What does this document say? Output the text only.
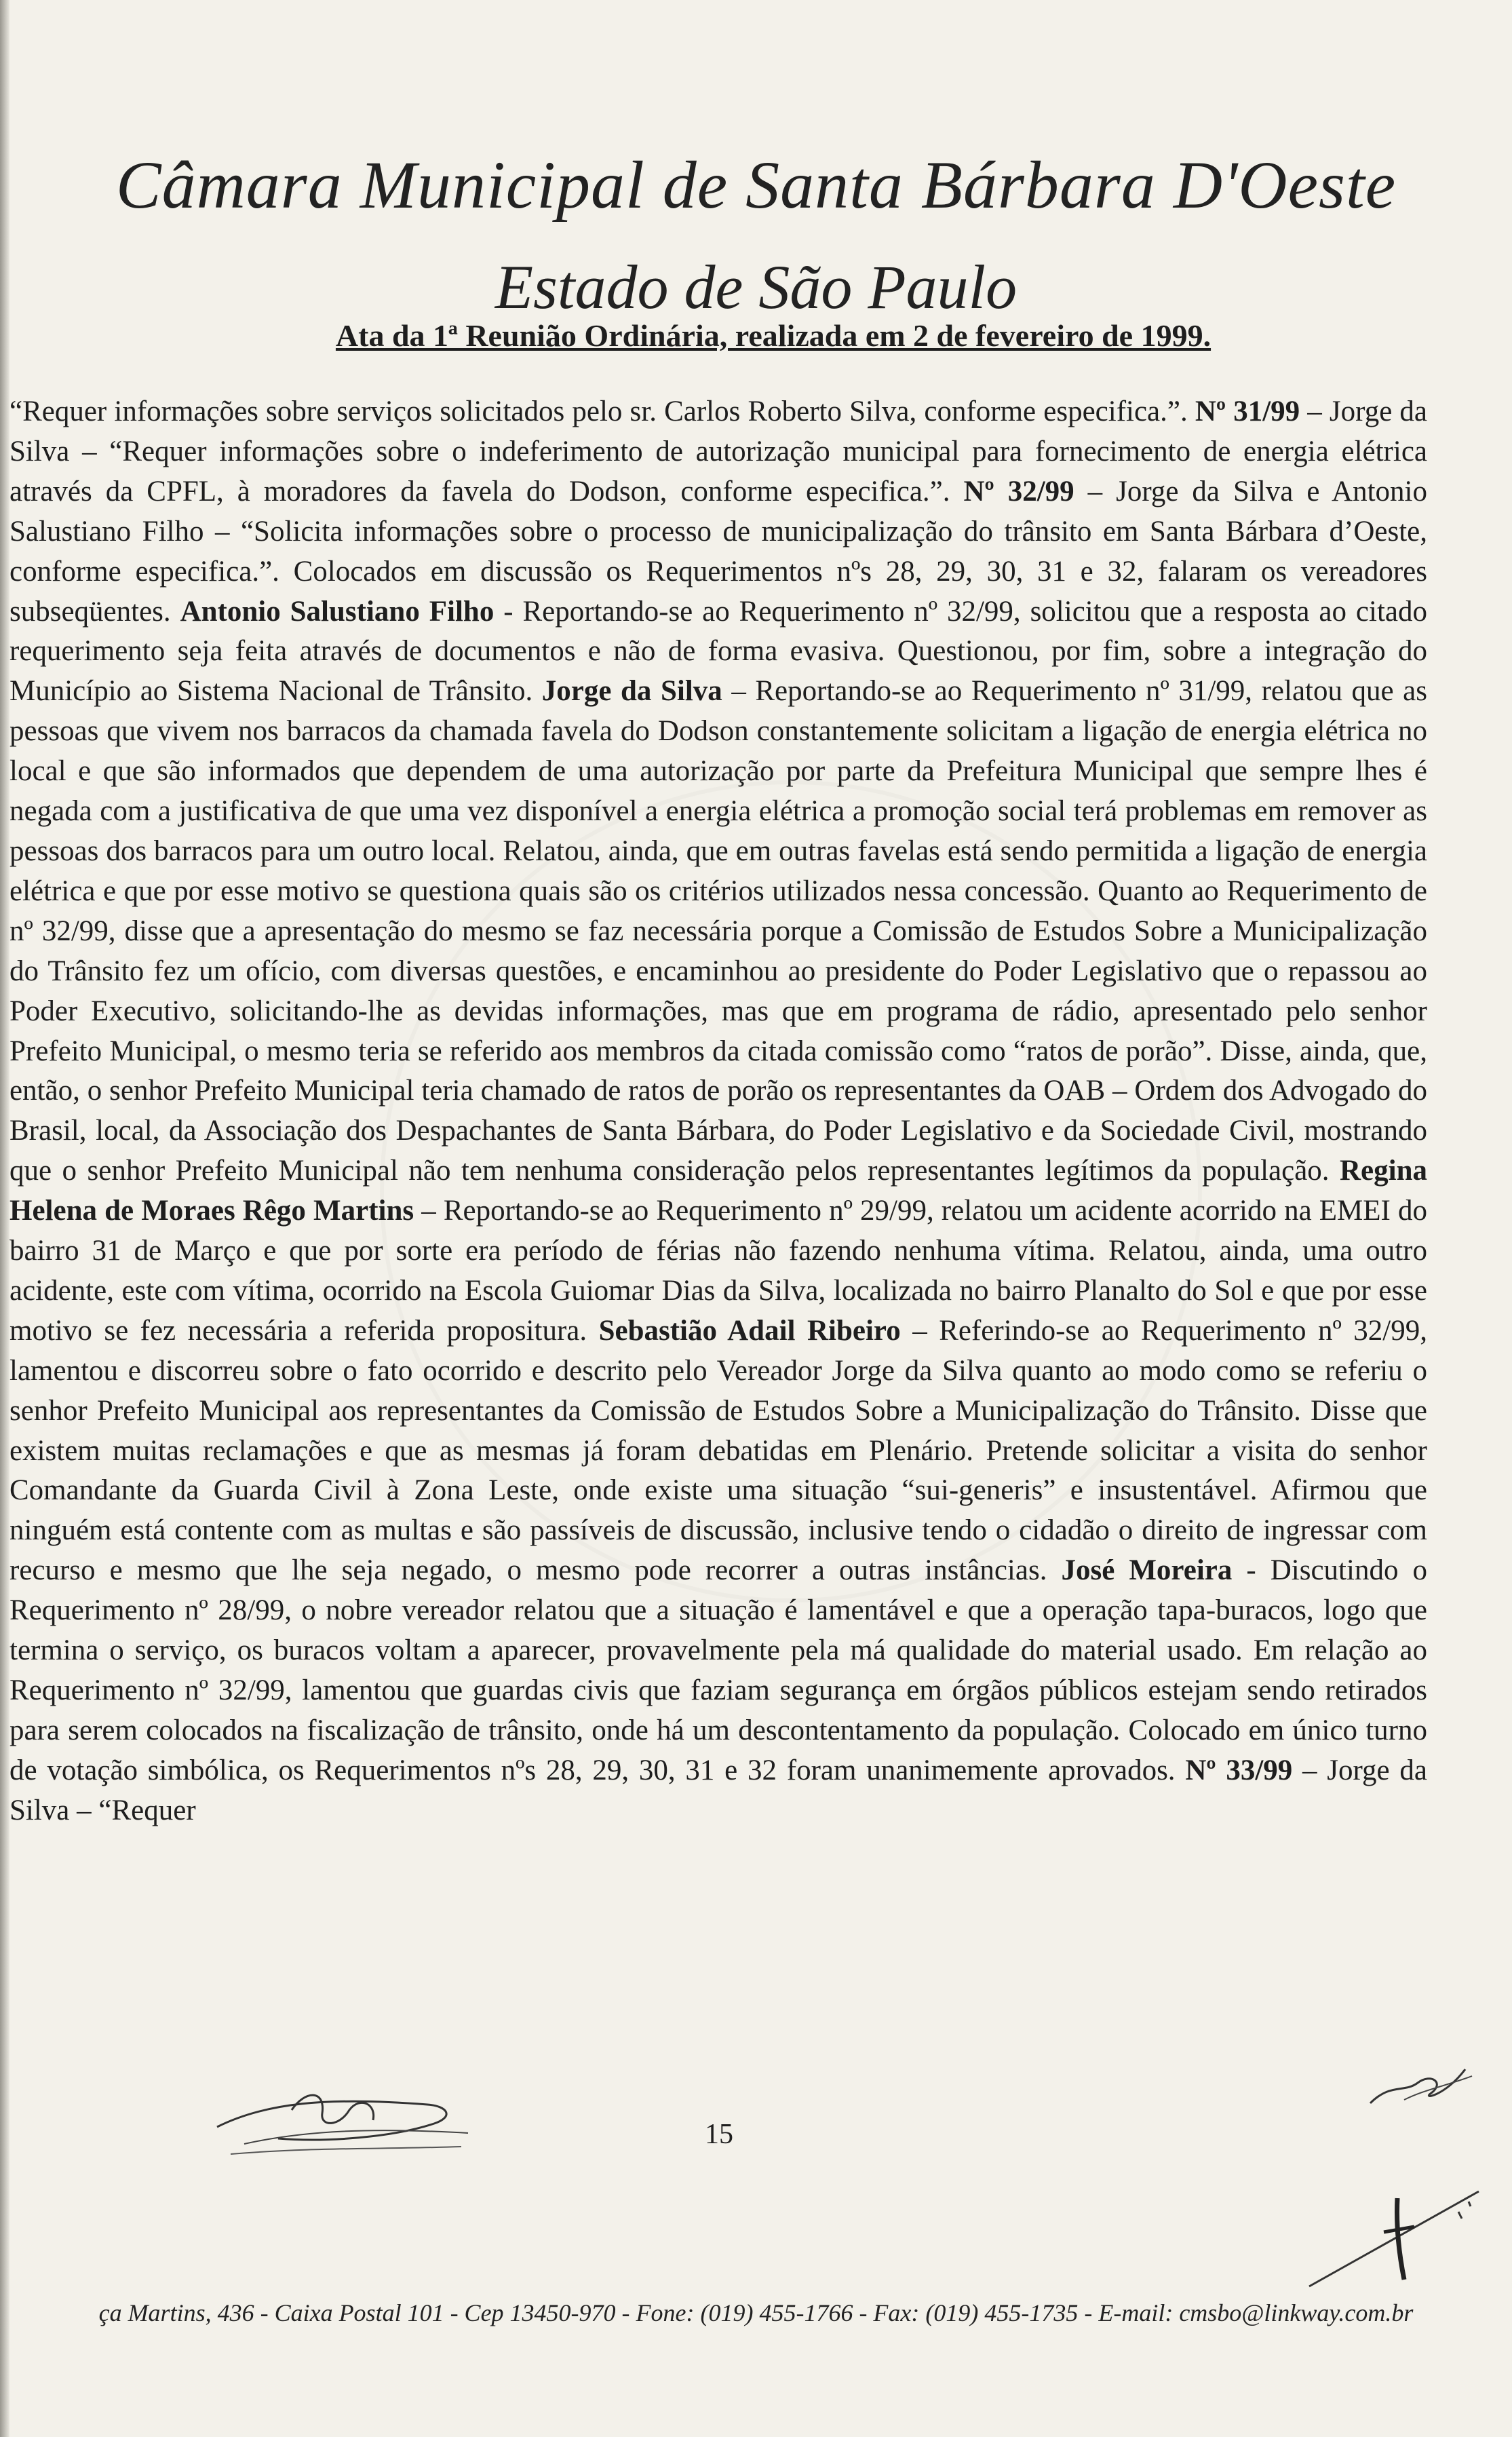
Câmara Municipal de Santa Bárbara D'Oeste
Estado de São Paulo
Ata da 1ª Reunião Ordinária, realizada em 2 de fevereiro de 1999.
“Requer informações sobre serviços solicitados pelo sr. Carlos Roberto Silva, conforme especifica.”. Nº 31/99 – Jorge da Silva – “Requer informações sobre o indeferimento de autorização municipal para fornecimento de energia elétrica através da CPFL, à moradores da favela do Dodson, conforme especifica.”. Nº 32/99 – Jorge da Silva e Antonio Salustiano Filho – “Solicita informações sobre o processo de municipalização do trânsito em Santa Bárbara d’Oeste, conforme especifica.”. Colocados em discussão os Requerimentos nºs 28, 29, 30, 31 e 32, falaram os vereadores subseqüentes. Antonio Salustiano Filho - Reportando-se ao Requerimento nº 32/99, solicitou que a resposta ao citado requerimento seja feita através de documentos e não de forma evasiva. Questionou, por fim, sobre a integração do Município ao Sistema Nacional de Trânsito. Jorge da Silva – Reportando-se ao Requerimento nº 31/99, relatou que as pessoas que vivem nos barracos da chamada favela do Dodson constantemente solicitam a ligação de energia elétrica no local e que são informados que dependem de uma autorização por parte da Prefeitura Municipal que sempre lhes é negada com a justificativa de que uma vez disponível a energia elétrica a promoção social terá problemas em remover as pessoas dos barracos para um outro local. Relatou, ainda, que em outras favelas está sendo permitida a ligação de energia elétrica e que por esse motivo se questiona quais são os critérios utilizados nessa concessão. Quanto ao Requerimento de nº 32/99, disse que a apresentação do mesmo se faz necessária porque a Comissão de Estudos Sobre a Municipalização do Trânsito fez um ofício, com diversas questões, e encaminhou ao presidente do Poder Legislativo que o repassou ao Poder Executivo, solicitando-lhe as devidas informações, mas que em programa de rádio, apresentado pelo senhor Prefeito Municipal, o mesmo teria se referido aos membros da citada comissão como “ratos de porão”. Disse, ainda, que, então, o senhor Prefeito Municipal teria chamado de ratos de porão os representantes da OAB – Ordem dos Advogado do Brasil, local, da Associação dos Despachantes de Santa Bárbara, do Poder Legislativo e da Sociedade Civil, mostrando que o senhor Prefeito Municipal não tem nenhuma consideração pelos representantes legítimos da população. Regina Helena de Moraes Rêgo Martins – Reportando-se ao Requerimento nº 29/99, relatou um acidente acorrido na EMEI do bairro 31 de Março e que por sorte era período de férias não fazendo nenhuma vítima. Relatou, ainda, uma outro acidente, este com vítima, ocorrido na Escola Guiomar Dias da Silva, localizada no bairro Planalto do Sol e que por esse motivo se fez necessária a referida propositura. Sebastião Adail Ribeiro – Referindo-se ao Requerimento nº 32/99, lamentou e discorreu sobre o fato ocorrido e descrito pelo Vereador Jorge da Silva quanto ao modo como se referiu o senhor Prefeito Municipal aos representantes da Comissão de Estudos Sobre a Municipalização do Trânsito. Disse que existem muitas reclamações e que as mesmas já foram debatidas em Plenário. Pretende solicitar a visita do senhor Comandante da Guarda Civil à Zona Leste, onde existe uma situação “sui-generis” e insustentável. Afirmou que ninguém está contente com as multas e são passíveis de discussão, inclusive tendo o cidadão o direito de ingressar com recurso e mesmo que lhe seja negado, o mesmo pode recorrer a outras instâncias. José Moreira - Discutindo o Requerimento nº 28/99, o nobre vereador relatou que a situação é lamentável e que a operação tapa-buracos, logo que termina o serviço, os buracos voltam a aparecer, provavelmente pela má qualidade do material usado. Em relação ao Requerimento nº 32/99, lamentou que guardas civis que faziam segurança em órgãos públicos estejam sendo retirados para serem colocados na fiscalização de trânsito, onde há um descontentamento da população. Colocado em único turno de votação simbólica, os Requerimentos nºs 28, 29, 30, 31 e 32 foram unanimemente aprovados. Nº 33/99 – Jorge da Silva – “Requer
15
ça Martins, 436 - Caixa Postal 101 - Cep 13450-970 - Fone: (019) 455-1766 - Fax: (019) 455-1735 - E-mail: cmsbo@linkway.com.br
